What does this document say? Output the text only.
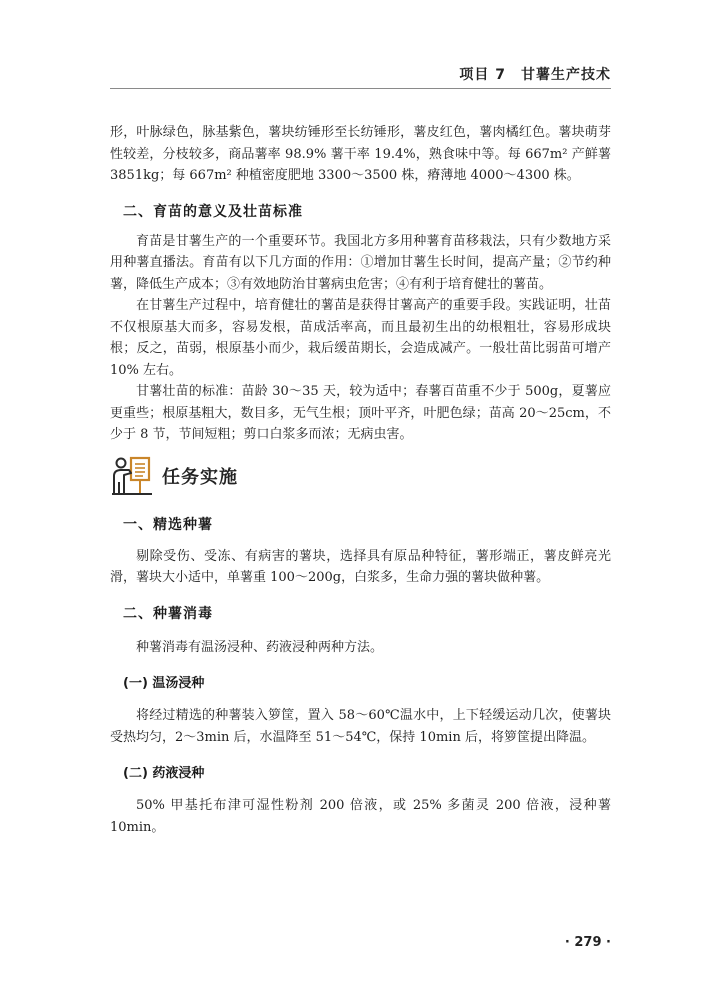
项目 7　甘薯生产技术

形，叶脉绿色，脉基紫色，薯块纺锤形至长纺锤形，薯皮红色，薯肉橘红色。薯块萌芽性较差，分枝较多，商品薯率 98.9% 薯干率 19.4%，熟食味中等。每 667m² 产鲜薯 3851kg；每 667m² 种植密度肥地 3300～3500 株，瘠薄地 4000～4300 株。

二、育苗的意义及壮苗标准

育苗是甘薯生产的一个重要环节。我国北方多用种薯育苗移栽法，只有少数地方采用种薯直播法。育苗有以下几方面的作用：①增加甘薯生长时间，提高产量；②节约种薯，降低生产成本；③有效地防治甘薯病虫危害；④有利于培育健壮的薯苗。

在甘薯生产过程中，培育健壮的薯苗是获得甘薯高产的重要手段。实践证明，壮苗不仅根原基大而多，容易发根，苗成活率高，而且最初生出的幼根粗壮，容易形成块根；反之，苗弱，根原基小而少，栽后缓苗期长，会造成减产。一般壮苗比弱苗可增产 10% 左右。

甘薯壮苗的标准：苗龄 30～35 天，较为适中；春薯百苗重不少于 500g，夏薯应更重些；根原基粗大，数目多，无气生根；顶叶平齐，叶肥色绿；苗高 20～25cm，不少于 8 节，节间短粗；剪口白浆多而浓；无病虫害。

任务实施
一、精选种薯

剔除受伤、受冻、有病害的薯块，选择具有原品种特征，薯形端正，薯皮鲜亮光滑，薯块大小适中，单薯重 100～200g，白浆多，生命力强的薯块做种薯。

二、种薯消毒

种薯消毒有温汤浸种、药液浸种两种方法。

(一) 温汤浸种

将经过精选的种薯装入箩筐，置入 58～60℃温水中，上下轻缓运动几次，使薯块受热均匀，2～3min 后，水温降至 51～54℃，保持 10min 后，将箩筐提出降温。

(二) 药液浸种

50% 甲基托布津可湿性粉剂 200 倍液，或 25% 多菌灵 200 倍液，浸种薯 10min。

· 279 ·
